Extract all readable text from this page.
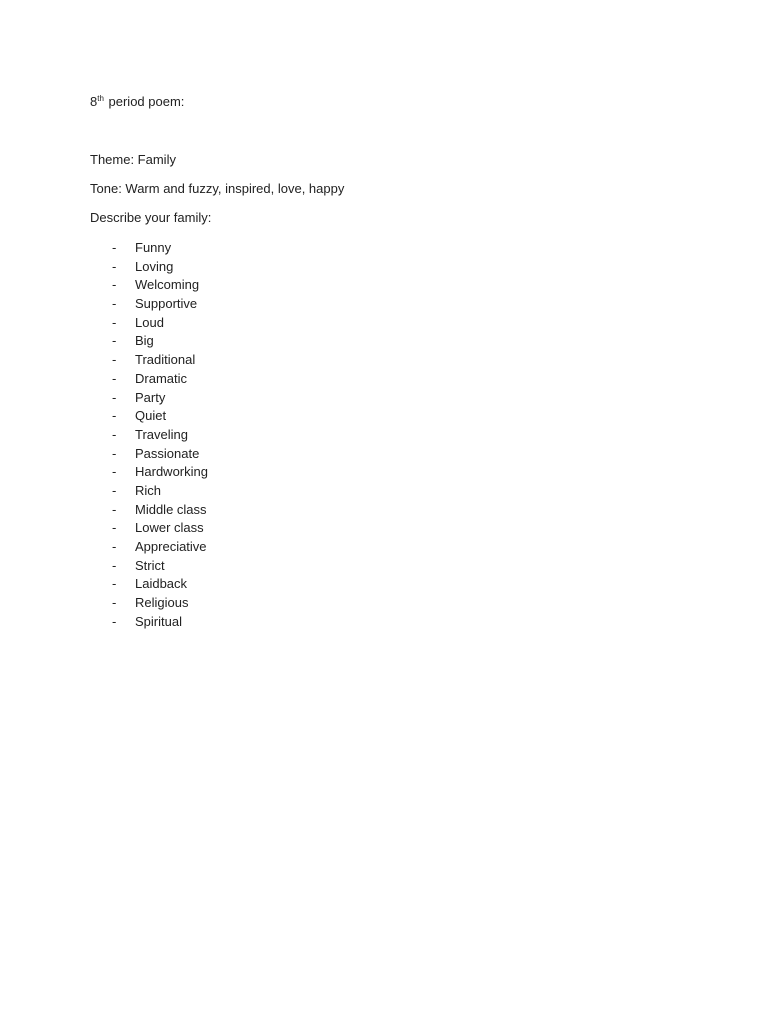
8th period poem:
Theme: Family
Tone: Warm and fuzzy, inspired, love, happy
Describe your family:
- Funny
- Loving
- Welcoming
- Supportive
- Loud
- Big
- Traditional
- Dramatic
- Party
- Quiet
- Traveling
- Passionate
- Hardworking
- Rich
- Middle class
- Lower class
- Appreciative
- Strict
- Laidback
- Religious
- Spiritual
